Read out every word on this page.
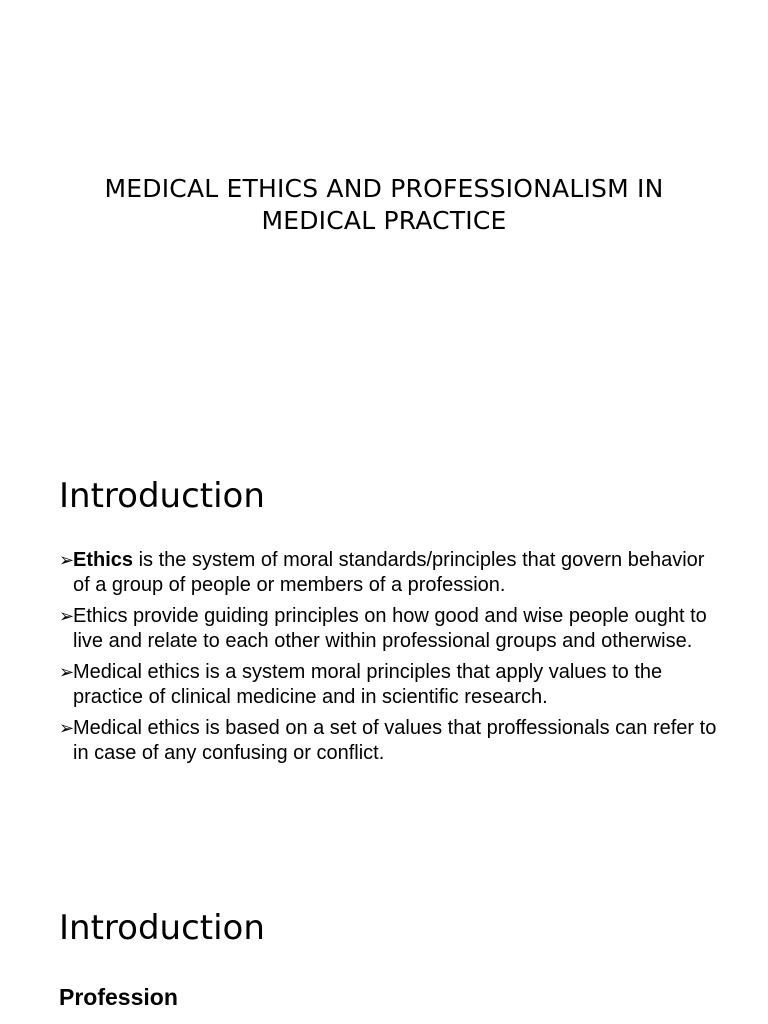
MEDICAL ETHICS AND PROFESSIONALISM IN
MEDICAL PRACTICE
Introduction
➢
Ethics is the system of moral standards/principles that govern behavior of a group of people or members of a profession.
➢
Ethics provide guiding principles on how good and wise people ought to live and relate to each other within professional groups and otherwise.
➢
Medical ethics is a system moral principles that apply values to the practice of clinical medicine and in scientific research.
➢
Medical ethics is based on a set of values that proffessionals can refer to in case of any confusing or conflict.
Introduction
Profession
